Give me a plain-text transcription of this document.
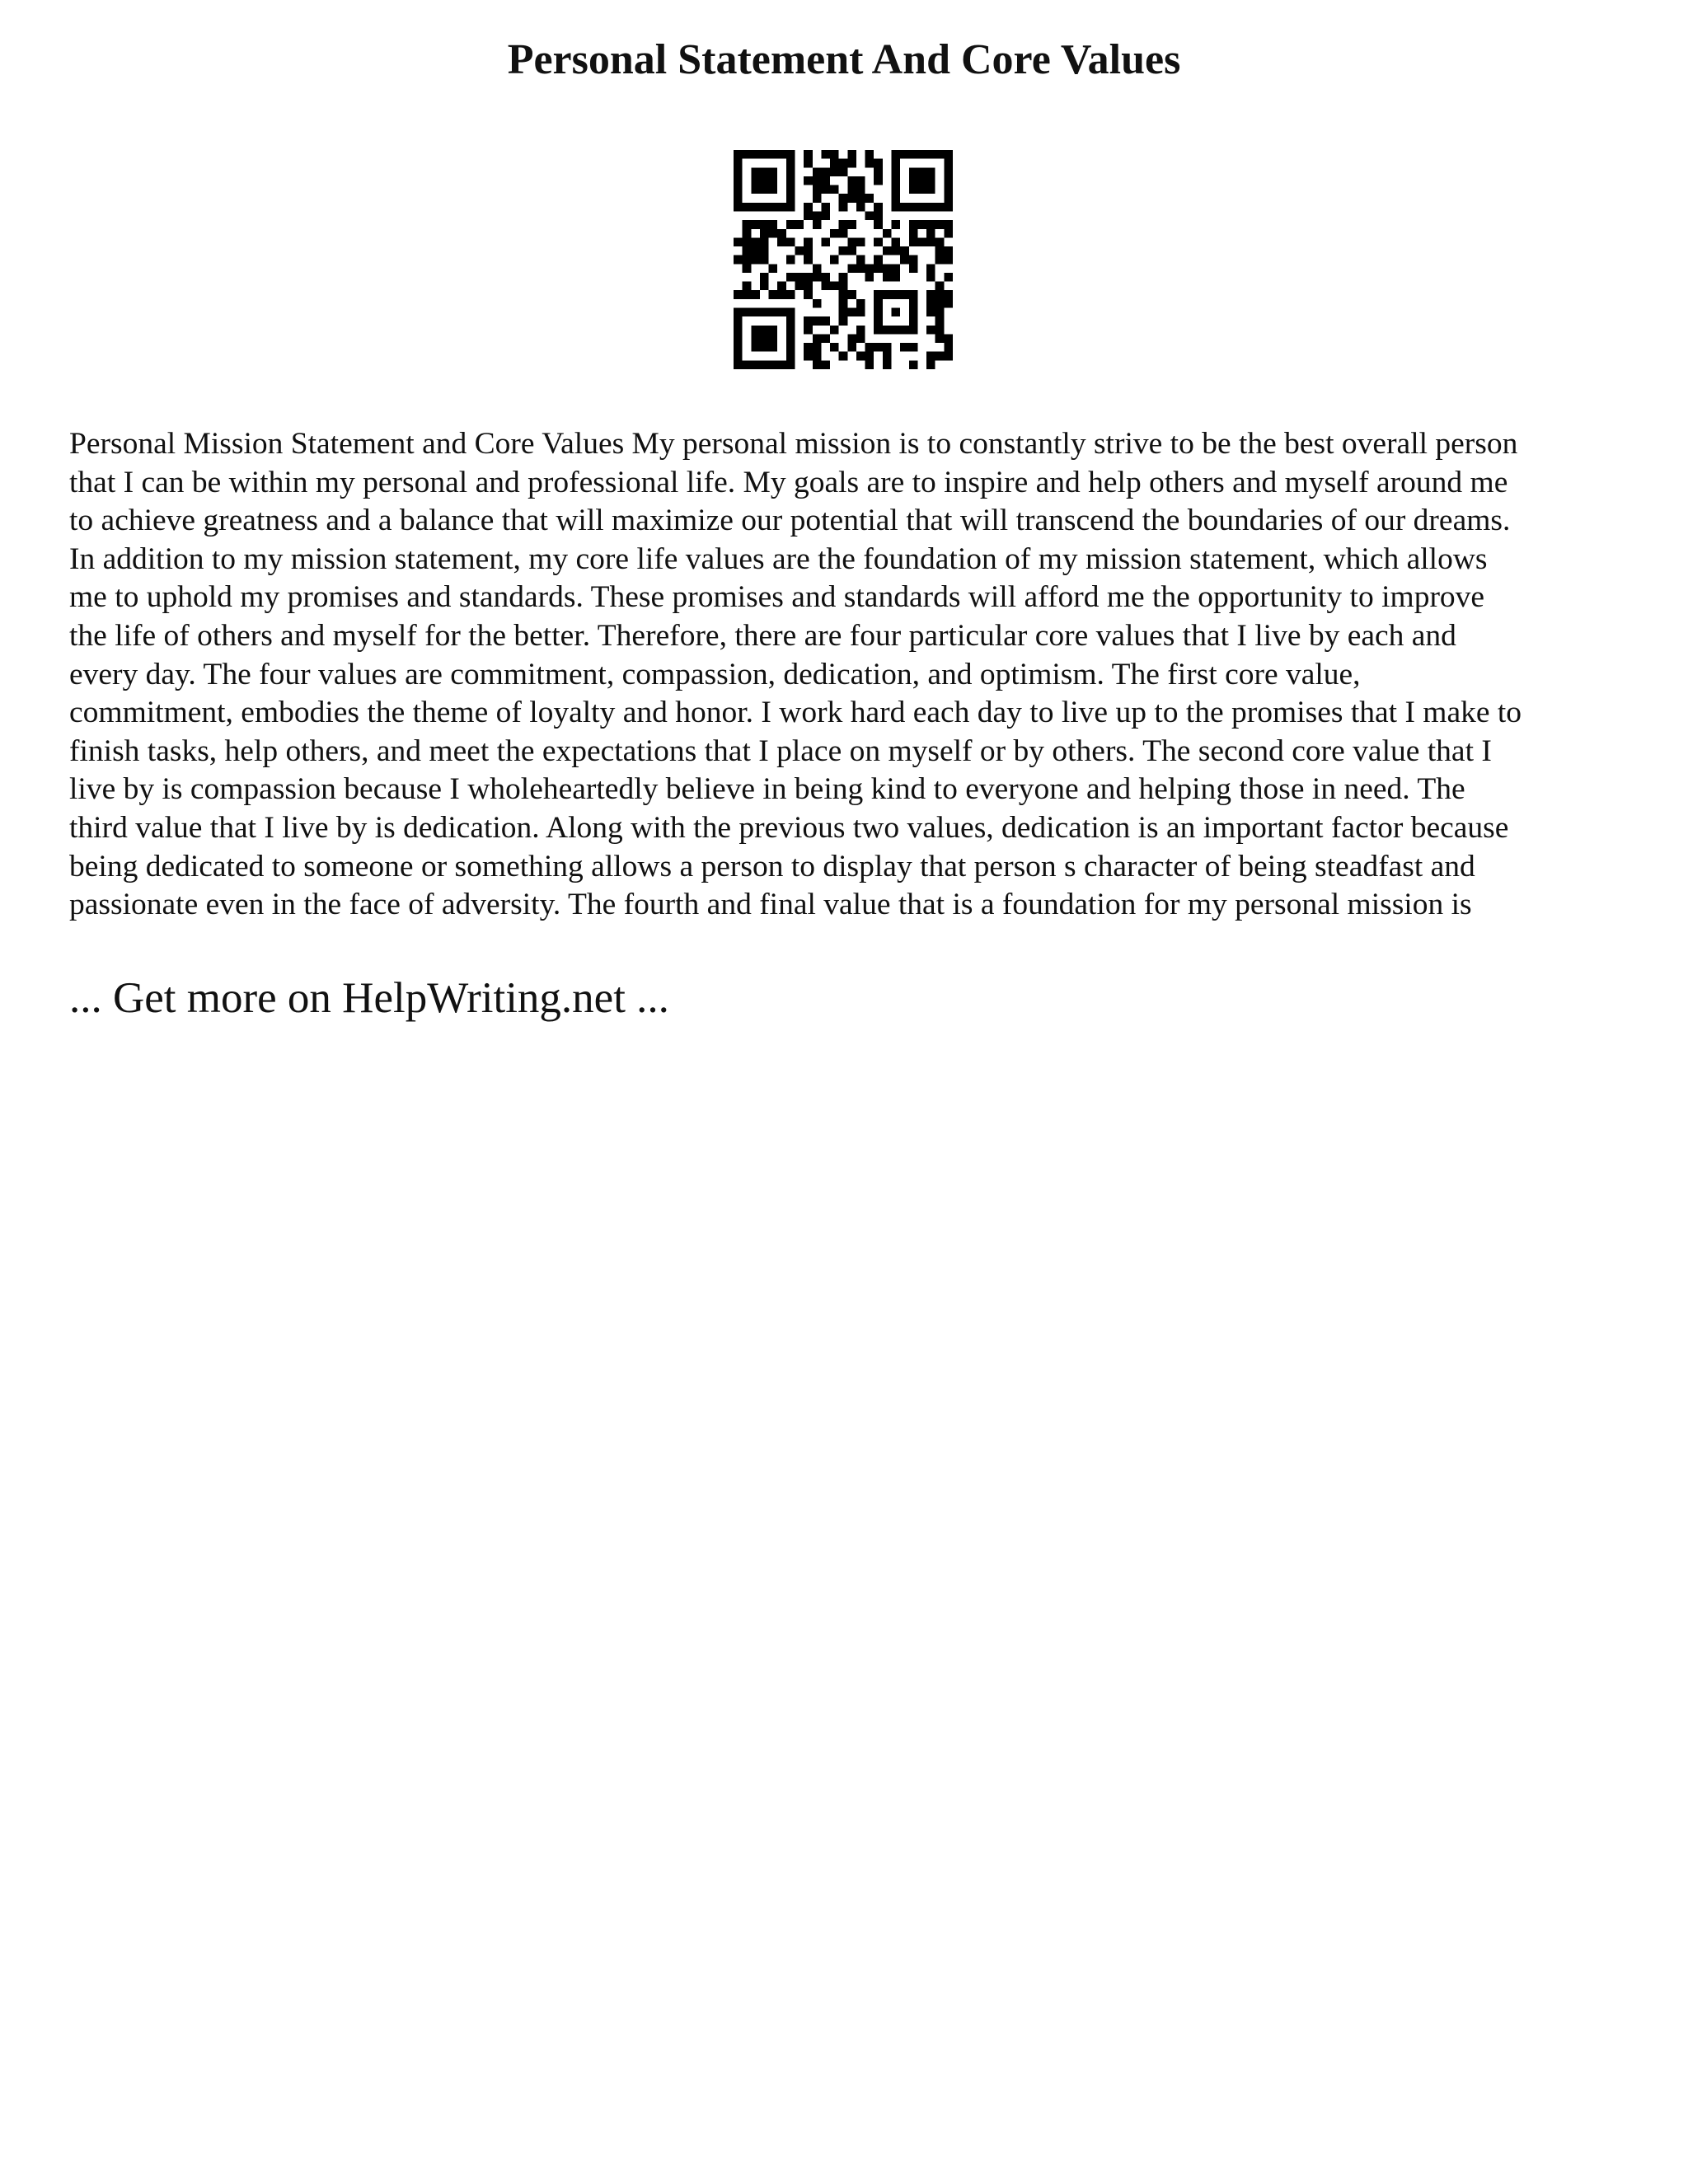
Personal Statement And Core Values
Personal Mission Statement and Core Values My personal mission is to constantly strive to be the best overall person
that I can be within my personal and professional life. My goals are to inspire and help others and myself around me
to achieve greatness and a balance that will maximize our potential that will transcend the boundaries of our dreams.
In addition to my mission statement, my core life values are the foundation of my mission statement, which allows
me to uphold my promises and standards. These promises and standards will afford me the opportunity to improve
the life of others and myself for the better. Therefore, there are four particular core values that I live by each and
every day. The four values are commitment, compassion, dedication, and optimism. The first core value,
commitment, embodies the theme of loyalty and honor. I work hard each day to live up to the promises that I make to
finish tasks, help others, and meet the expectations that I place on myself or by others. The second core value that I
live by is compassion because I wholeheartedly believe in being kind to everyone and helping those in need. The
third value that I live by is dedication. Along with the previous two values, dedication is an important factor because
being dedicated to someone or something allows a person to display that person s character of being steadfast and
passionate even in the face of adversity. The fourth and final value that is a foundation for my personal mission is
... Get more on HelpWriting.net ...
